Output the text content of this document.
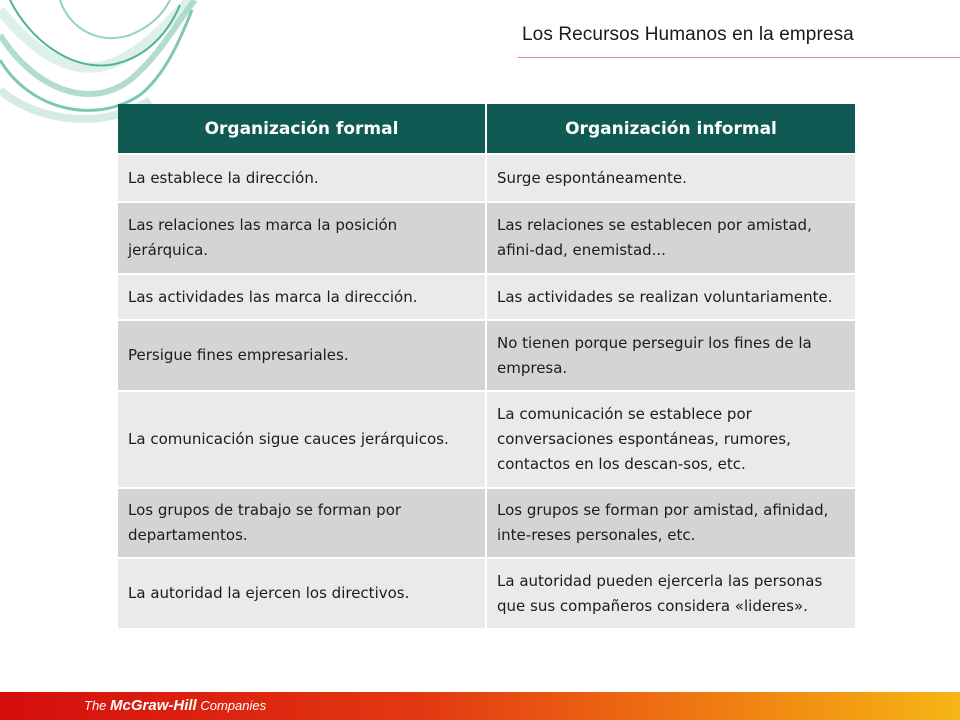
Los Recursos Humanos en la empresa
Organización formal	Organización informal
La establece la dirección.	Surge espontáneamente.
Las relaciones las marca la posición jerárquica.	Las relaciones se establecen por amistad, afini-dad, enemistad...
Las actividades las marca la dirección.	Las actividades se realizan voluntariamente.
Persigue fines empresariales.	No tienen porque perseguir los fines de la empresa.
La comunicación sigue cauces jerárquicos.	La comunicación se establece por conversaciones espontáneas, rumores, contactos en los descan-sos, etc.
Los grupos de trabajo se forman por departamentos.	Los grupos se forman por amistad, afinidad, inte-reses personales, etc.
La autoridad la ejercen los directivos.	La autoridad pueden ejercerla las personas que sus compañeros considera «lideres».
The McGraw-Hill Companies
